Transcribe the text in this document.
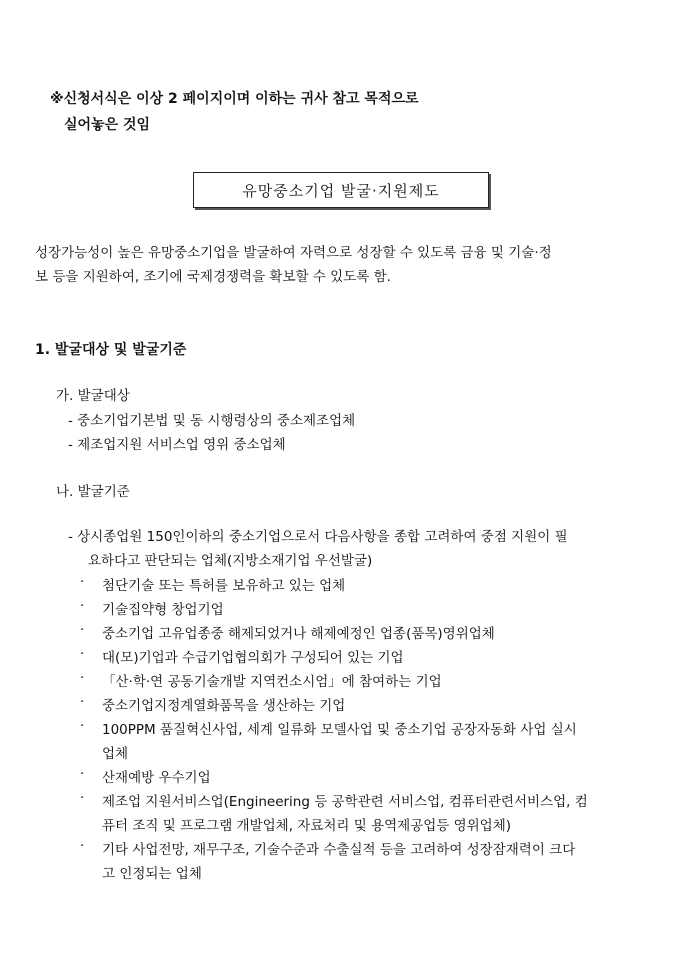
※신청서식은 이상 2 페이지이며 이하는 귀사 참고 목적으로
실어놓은 것임
유망중소기업 발굴·지원제도
성장가능성이 높은 유망중소기업을 발굴하여 자력으로 성장할 수 있도록 금융 및 기술·정
보 등을 지원하여, 조기에 국제경쟁력을 확보할 수 있도록 함.
1. 발굴대상 및 발굴기준
가. 발굴대상
- 중소기업기본법 및 동 시행령상의 중소제조업체
- 제조업지원 서비스업 영위 중소업체
나. 발굴기준
- 상시종업원 150인이하의 중소기업으로서 다음사항을 종합 고려하여 중점 지원이 필
요하다고 판단되는 업체(지방소재기업 우선발굴)
· 첨단기술 또는 특허를 보유하고 있는 업체
· 기술집약형 창업기업
· 중소기업 고유업종중 해제되었거나 해제예정인 업종(품목)영위업체
· 대(모)기업과 수급기업협의회가 구성되어 있는 기업
· 「산·학·연 공동기술개발 지역컨소시엄」에 참여하는 기업
· 중소기업지정계열화품목을 생산하는 기업
· 100PPM 품질혁신사업, 세계 일류화 모델사업 및 중소기업 공장자동화 사업 실시
업체
· 산재예방 우수기업
· 제조업 지원서비스업(Engineering 등 공학관련 서비스업, 컴퓨터관련서비스업, 컴
퓨터 조직 및 프로그램 개발업체, 자료처리 및 용역제공업등 영위업체)
· 기타 사업전망, 재무구조, 기술수준과 수출실적 등을 고려하여 성장잠재력이 크다
고 인정되는 업체
